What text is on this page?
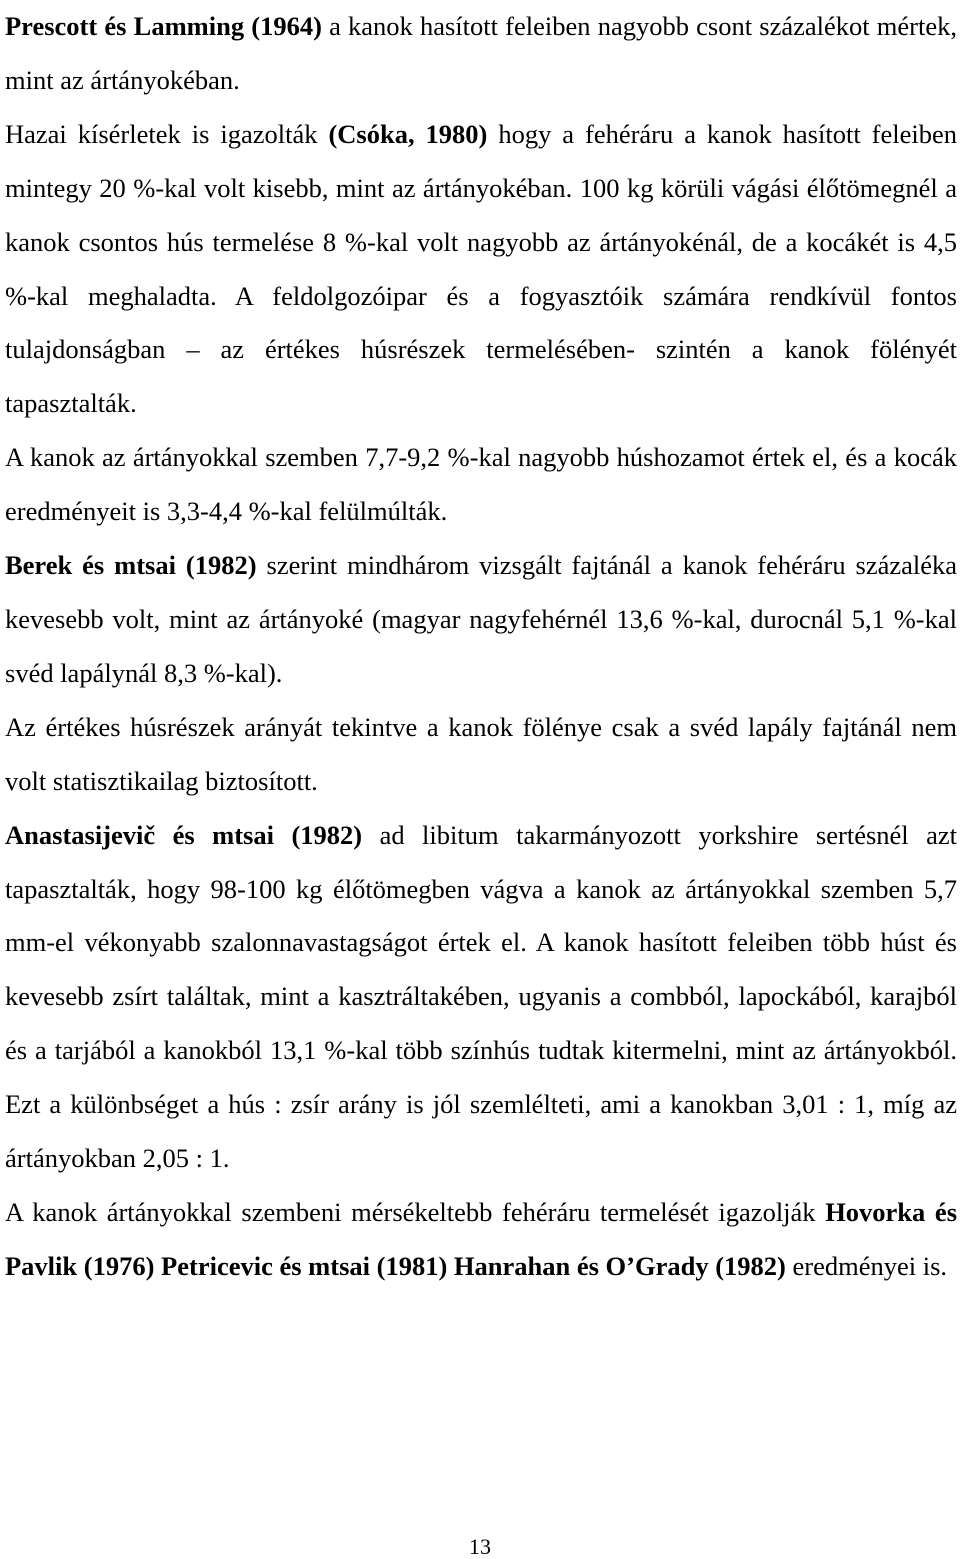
Prescott és Lamming (1964) a kanok hasított feleiben nagyobb csont százalékot mértek, mint az ártányokéban.

Hazai kísérletek is igazolták (Csóka, 1980) hogy a fehéráru a kanok hasított feleiben mintegy 20 %-kal volt kisebb, mint az ártányokéban. 100 kg körüli vágási élőtömegnél a kanok csontos hús termelése 8 %-kal volt nagyobb az ártányokénál, de a kocákét is 4,5 %-kal meghaladta. A feldolgozóipar és a fogyasztóik számára rendkívül fontos tulajdonságban – az értékes húsrészek termelésében- szintén a kanok fölényét tapasztalták.

A kanok az ártányokkal szemben 7,7-9,2 %-kal nagyobb húshozamot értek el, és a kocák eredményeit is 3,3-4,4 %-kal felülmúlták.

Berek és mtsai (1982) szerint mindhárom vizsgált fajtánál a kanok fehéráru százaléka kevesebb volt, mint az ártányoké (magyar nagyfehérnél 13,6 %-kal, durocnál 5,1 %-kal svéd lapálynál 8,3 %-kal).

Az értékes húsrészek arányát tekintve a kanok fölénye csak a svéd lapály fajtánál nem volt statisztikailag biztosított.

Anastasijevič és mtsai (1982) ad libitum takarmányozott yorkshire sertésnél azt tapasztalták, hogy 98-100 kg élőtömegben vágva a kanok az ártányokkal szemben 5,7 mm-el vékonyabb szalonnavastagságot értek el. A kanok hasított feleiben több húst és kevesebb zsírt találtak, mint a kasztráltakében, ugyanis a combból, lapockából, karajból és a tarjából a kanokból 13,1 %-kal több színhús tudtak kitermelni, mint az ártányokból. Ezt a különbséget a hús : zsír arány is jól szemlélteti, ami a kanokban 3,01 : 1, míg az ártányokban 2,05 : 1.

A kanok ártányokkal szembeni mérsékeltebb fehéráru termelését igazolják Hovorka és Pavlik (1976) Petricevic és mtsai (1981) Hanrahan és O’Grady (1982) eredményei is.

13
